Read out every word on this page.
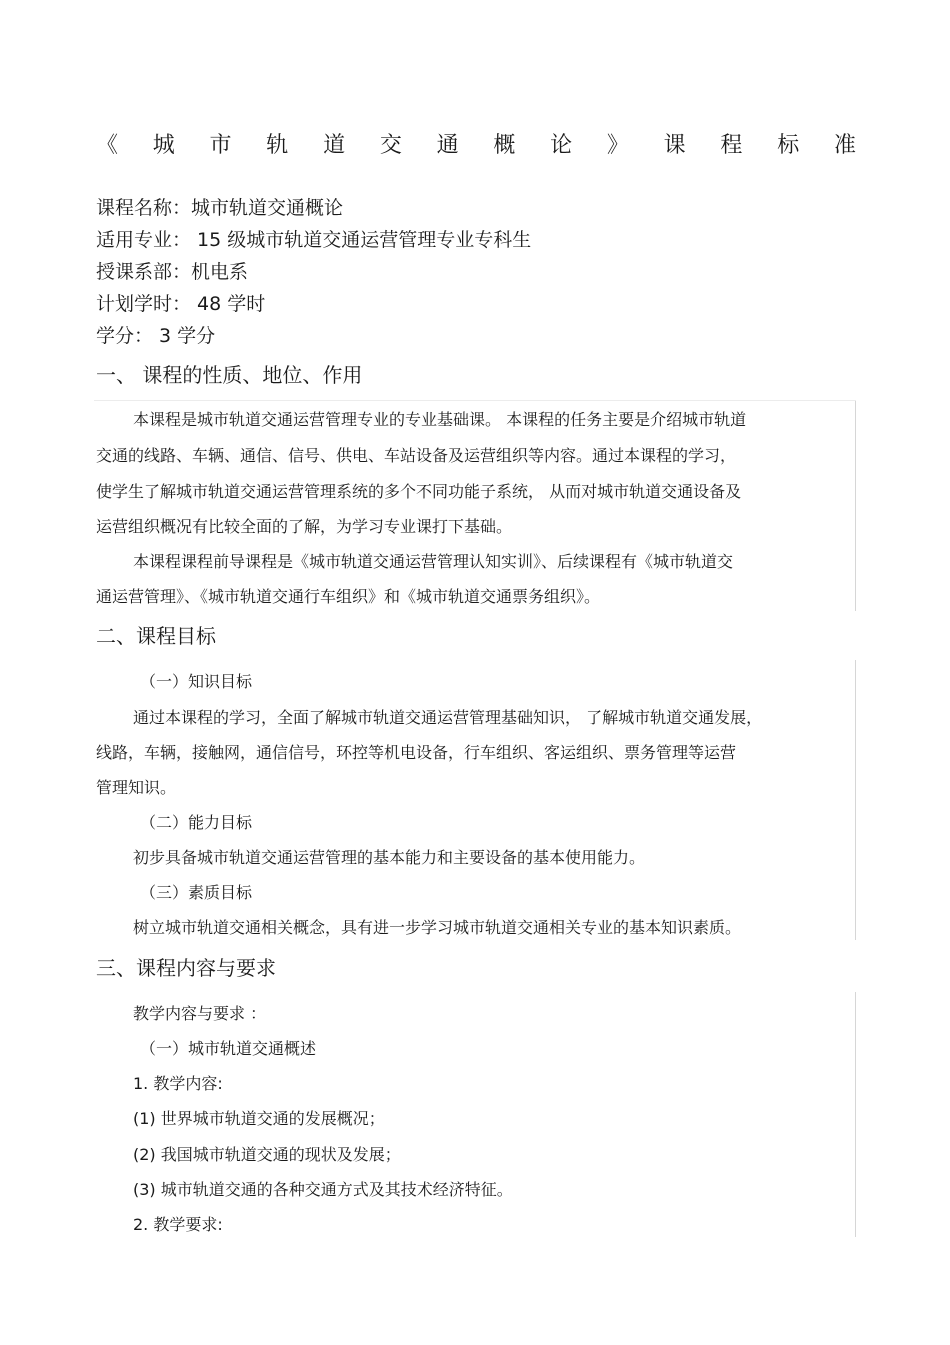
《 城 市 轨 道 交 通 概 论 》 课 程 标 准
课程名称：城市轨道交通概论
适用专业： 15 级城市轨道交通运营管理专业专科生
授课系部：机电系
计划学时： 48 学时
学分： 3 学分
一、 课程的性质、地位、作用
本课程是城市轨道交通运营管理专业的专业基础课。 本课程的任务主要是介绍城市轨道
交通的线路、车辆、通信、信号、供电、车站设备及运营组织等内容。通过本课程的学习，
使学生了解城市轨道交通运营管理系统的多个不同功能子系统， 从而对城市轨道交通设备及
运营组织概况有比较全面的了解，为学习专业课打下基础。
本课程课程前导课程是《城市轨道交通运营管理认知实训》、后续课程有《城市轨道交
通运营管理》、《城市轨道交通行车组织》和《城市轨道交通票务组织》。
二、课程目标
（一）知识目标
通过本课程的学习，全面了解城市轨道交通运营管理基础知识， 了解城市轨道交通发展，
线路，车辆，接触网，通信信号，环控等机电设备，行车组织、客运组织、票务管理等运营
管理知识。
（二）能力目标
初步具备城市轨道交通运营管理的基本能力和主要设备的基本使用能力。
（三）素质目标
树立城市轨道交通相关概念，具有进一步学习城市轨道交通相关专业的基本知识素质。
三、课程内容与要求
教学内容与要求 ：
（一）城市轨道交通概述
1. 教学内容:
(1) 世界城市轨道交通的发展概况；
(2) 我国城市轨道交通的现状及发展；
(3) 城市轨道交通的各种交通方式及其技术经济特征。
2. 教学要求:
